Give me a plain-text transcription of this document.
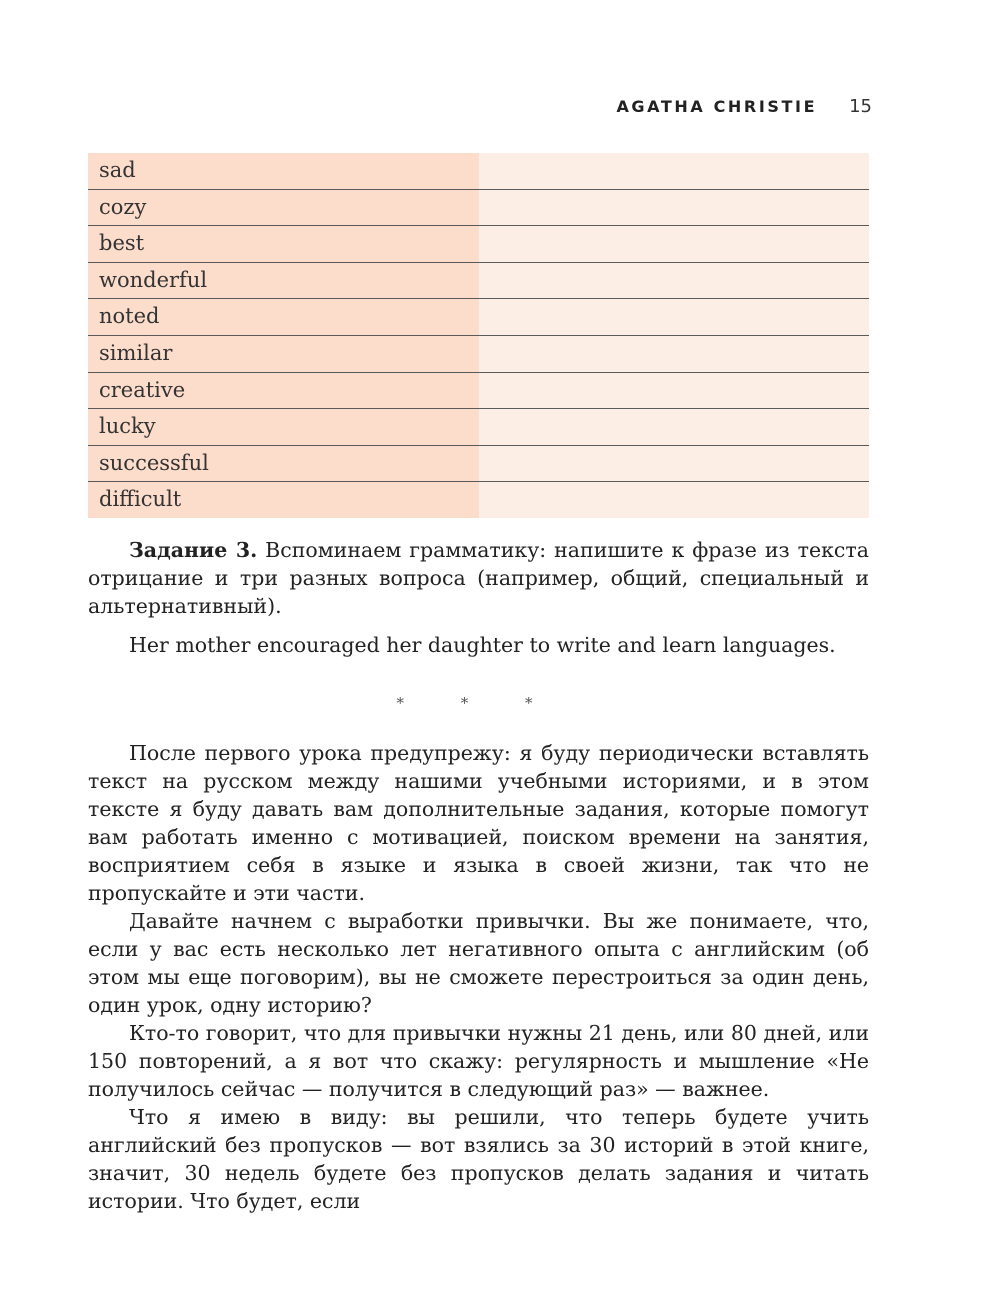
AGATHA CHRISTIE 15
sad
cozy
best
wonderful
noted
similar
creative
lucky
successful
difficult

Задание 3. Вспоминаем грамматику: напишите к фразе из текста отрицание и три разных вопроса (например, общий, специальный и альтернативный).

Her mother encouraged her daughter to write and learn languages.

* * *

После первого урока предупрежу: я буду периодически вставлять текст на русском между нашими учебными историями, и в этом тексте я буду давать вам дополнительные задания, которые помогут вам работать именно с мотивацией, поиском времени на занятия, восприятием себя в языке и языка в своей жизни, так что не пропускайте и эти части.

Давайте начнем с выработки привычки. Вы же понимаете, что, если у вас есть несколько лет негативного опыта с английским (об этом мы еще поговорим), вы не сможете перестроиться за один день, один урок, одну историю?

Кто-то говорит, что для привычки нужны 21 день, или 80 дней, или 150 повторений, а я вот что скажу: регулярность и мышление «Не получилось сейчас — получится в следующий раз» — важнее.

Что я имею в виду: вы решили, что теперь будете учить английский без пропусков — вот взялись за 30 историй в этой книге, значит, 30 недель будете без пропусков делать задания и читать истории. Что будет, если
